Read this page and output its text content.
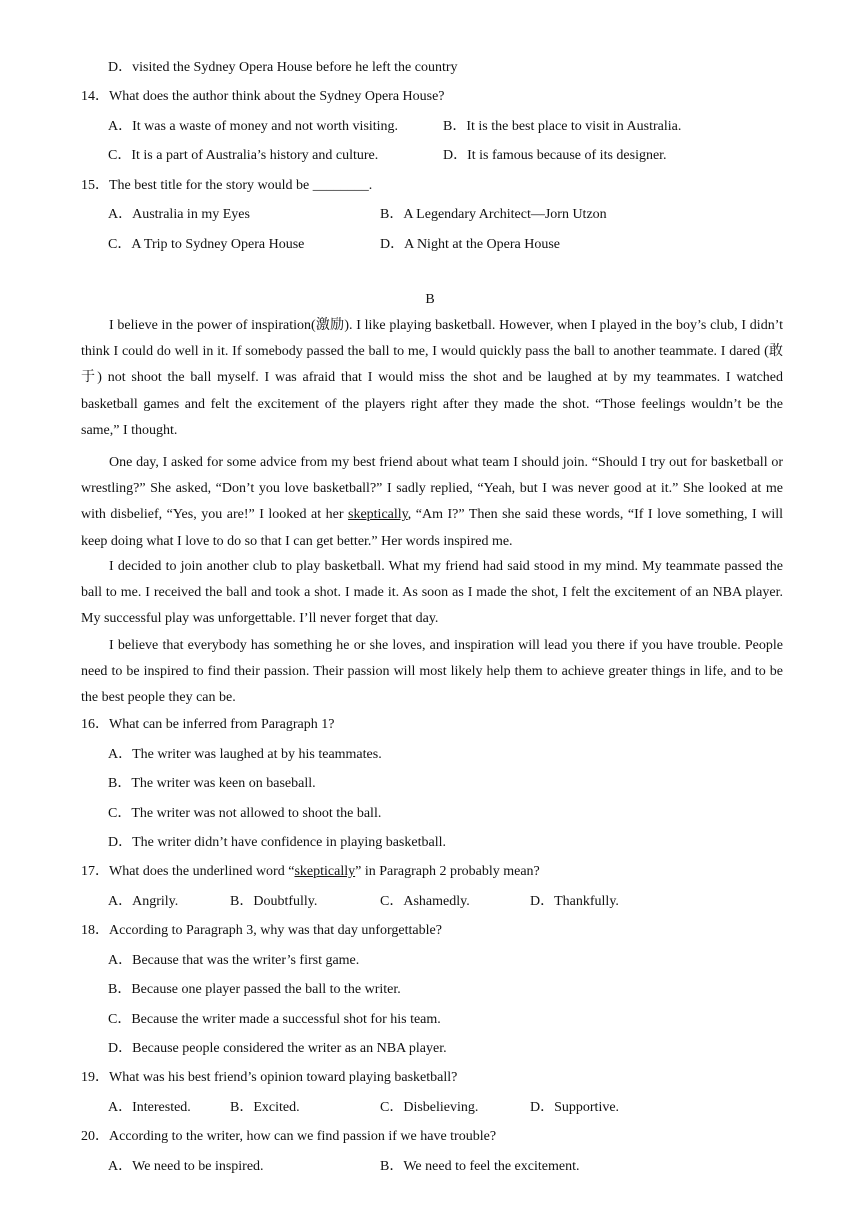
D．visited the Sydney Opera House before he left the country
14．What does the author think about the Sydney Opera House?
A．It was a waste of money and not worth visiting.	B．It is the best place to visit in Australia.
C．It is a part of Australia’s history and culture.	D．It is famous because of its designer.
15．The best title for the story would be ________.
A．Australia in my Eyes	B．A Legendary Architect—Jorn Utzon
C．A Trip to Sydney Opera House	D．A Night at the Opera House
B
I believe in the power of inspiration(激励). I like playing basketball. However, when I played in the boy’s club, I didn’t think I could do well in it. If somebody passed the ball to me, I would quickly pass the ball to another teammate. I dared (敢于) not shoot the ball myself. I was afraid that I would miss the shot and be laughed at by my teammates. I watched basketball games and felt the excitement of the players right after they made the shot. “Those feelings wouldn’t be the same,” I thought.
One day, I asked for some advice from my best friend about what team I should join. “Should I try out for basketball or wrestling?” She asked, “Don’t you love basketball?” I sadly replied, “Yeah, but I was never good at it.” She looked at me with disbelief, “Yes, you are!” I looked at her skeptically, “Am I?” Then she said these words, “If I love something, I will keep doing what I love to do so that I can get better.” Her words inspired me.
I decided to join another club to play basketball. What my friend had said stood in my mind. My teammate passed the ball to me. I received the ball and took a shot. I made it. As soon as I made the shot, I felt the excitement of an NBA player. My successful play was unforgettable. I’ll never forget that day.
I believe that everybody has something he or she loves, and inspiration will lead you there if you have trouble. People need to be inspired to find their passion. Their passion will most likely help them to achieve greater things in life, and to be the best people they can be.
16．What can be inferred from Paragraph 1?
A．The writer was laughed at by his teammates.
B．The writer was keen on baseball.
C．The writer was not allowed to shoot the ball.
D．The writer didn’t have confidence in playing basketball.
17．What does the underlined word “skeptically” in Paragraph 2 probably mean?
A．Angrily.	B．Doubtfully.	C．Ashamedly.	D．Thankfully.
18．According to Paragraph 3, why was that day unforgettable?
A．Because that was the writer’s first game.
B．Because one player passed the ball to the writer.
C．Because the writer made a successful shot for his team.
D．Because people considered the writer as an NBA player.
19．What was his best friend’s opinion toward playing basketball?
A．Interested.	B．Excited.	C．Disbelieving.	D．Supportive.
20．According to the writer, how can we find passion if we have trouble?
A．We need to be inspired.	B．We need to feel the excitement.
